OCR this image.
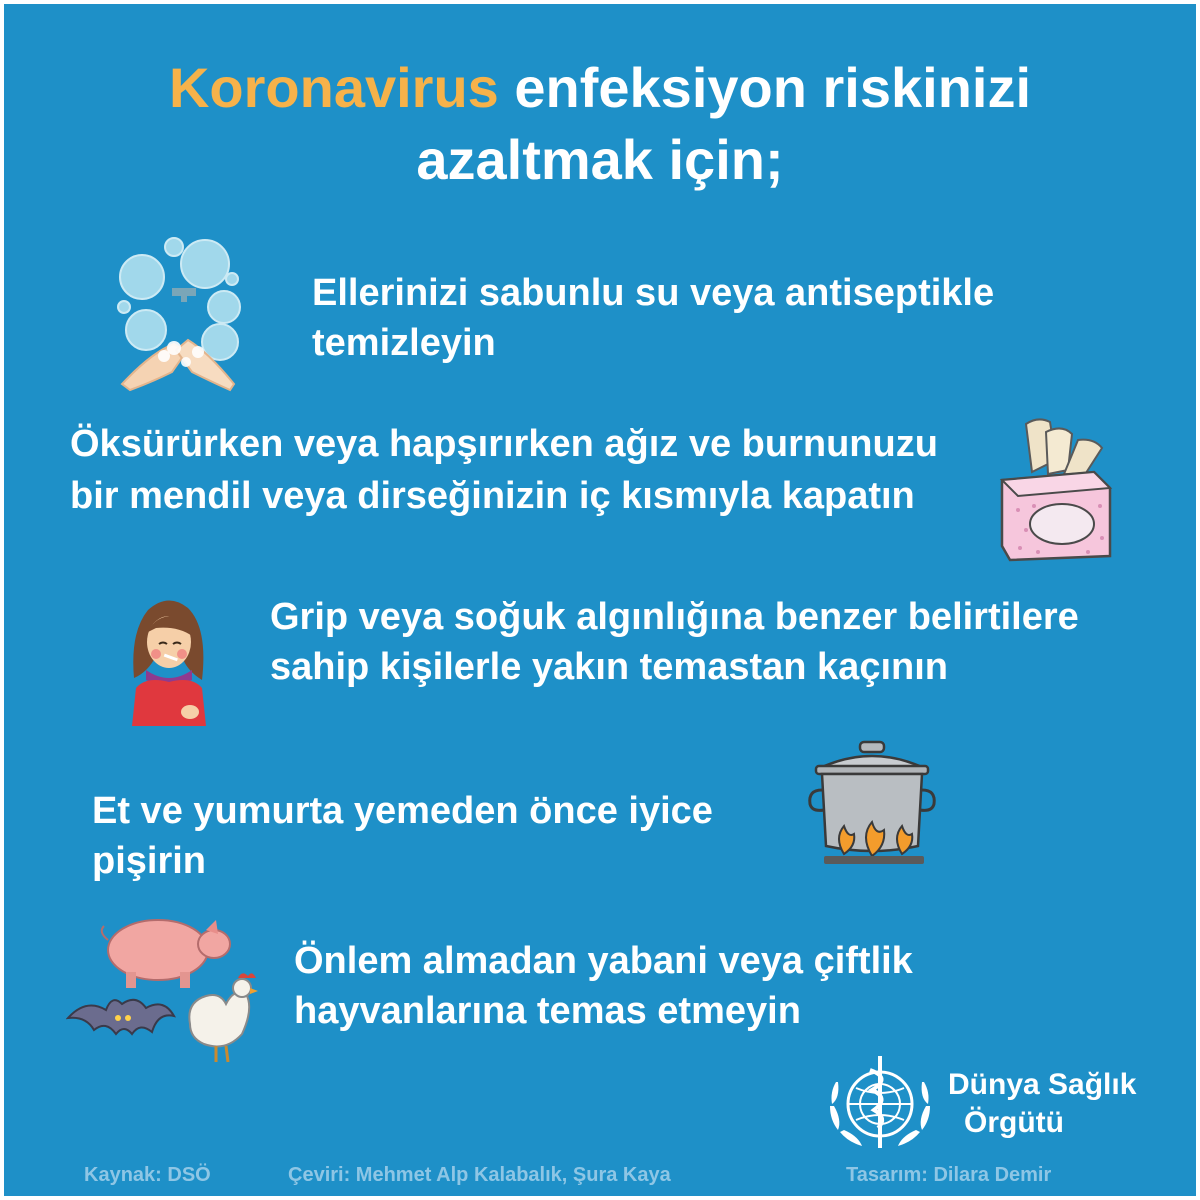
Koronavirus enfeksiyon riskinizi
azaltmak için;
Ellerinizi sabunlu su veya antiseptikle temizleyin
Öksürürken veya hapşırırken ağız ve burnunuzu bir mendil veya dirseğinizin iç kısmıyla kapatın
Grip veya soğuk algınlığına benzer belirtilere sahip kişilerle yakın temastan kaçının
Et ve yumurta yemeden önce iyice pişirin
Önlem almadan yabani veya çiftlik hayvanlarına temas etmeyin
Dünya Sağlık
Örgütü
Kaynak: DSÖ	Çeviri: Mehmet Alp Kalabalık, Şura Kaya	Tasarım: Dilara Demir
